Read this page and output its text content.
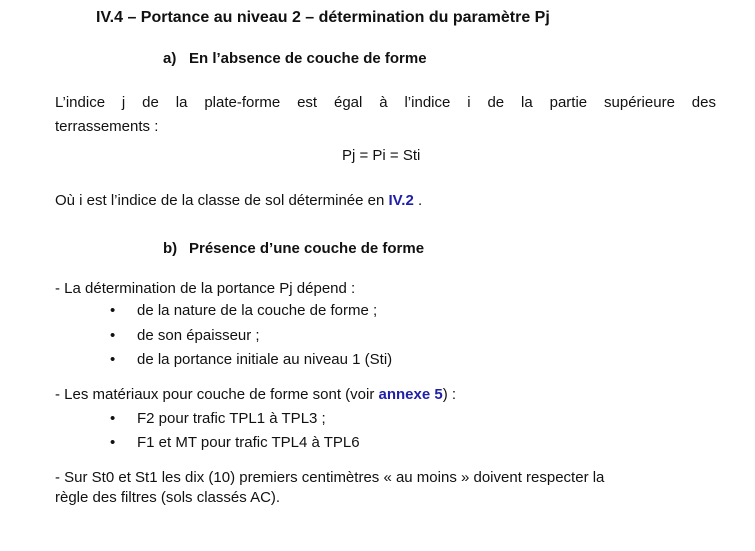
IV.4 – Portance au niveau 2 – détermination du paramètre Pj
a) En l’absence de couche de forme
L’indice j de la plate-forme est égal à l’indice i de la partie supérieure des
terrassements :
Pj = Pi = Sti
Où i est l’indice de la classe de sol déterminée en IV.2 .
b) Présence d’une couche de forme
- La détermination de la portance Pj dépend :
• de la nature de la couche de forme ;
• de son épaisseur ;
• de la portance initiale au niveau 1 (Sti)
- Les matériaux pour couche de forme sont (voir annexe 5) :
• F2 pour trafic TPL1 à TPL3 ;
• F1 et MT pour trafic TPL4 à TPL6
- Sur St0 et St1 les dix (10) premiers centimètres « au moins » doivent respecter la
règle des filtres (sols classés AC).
